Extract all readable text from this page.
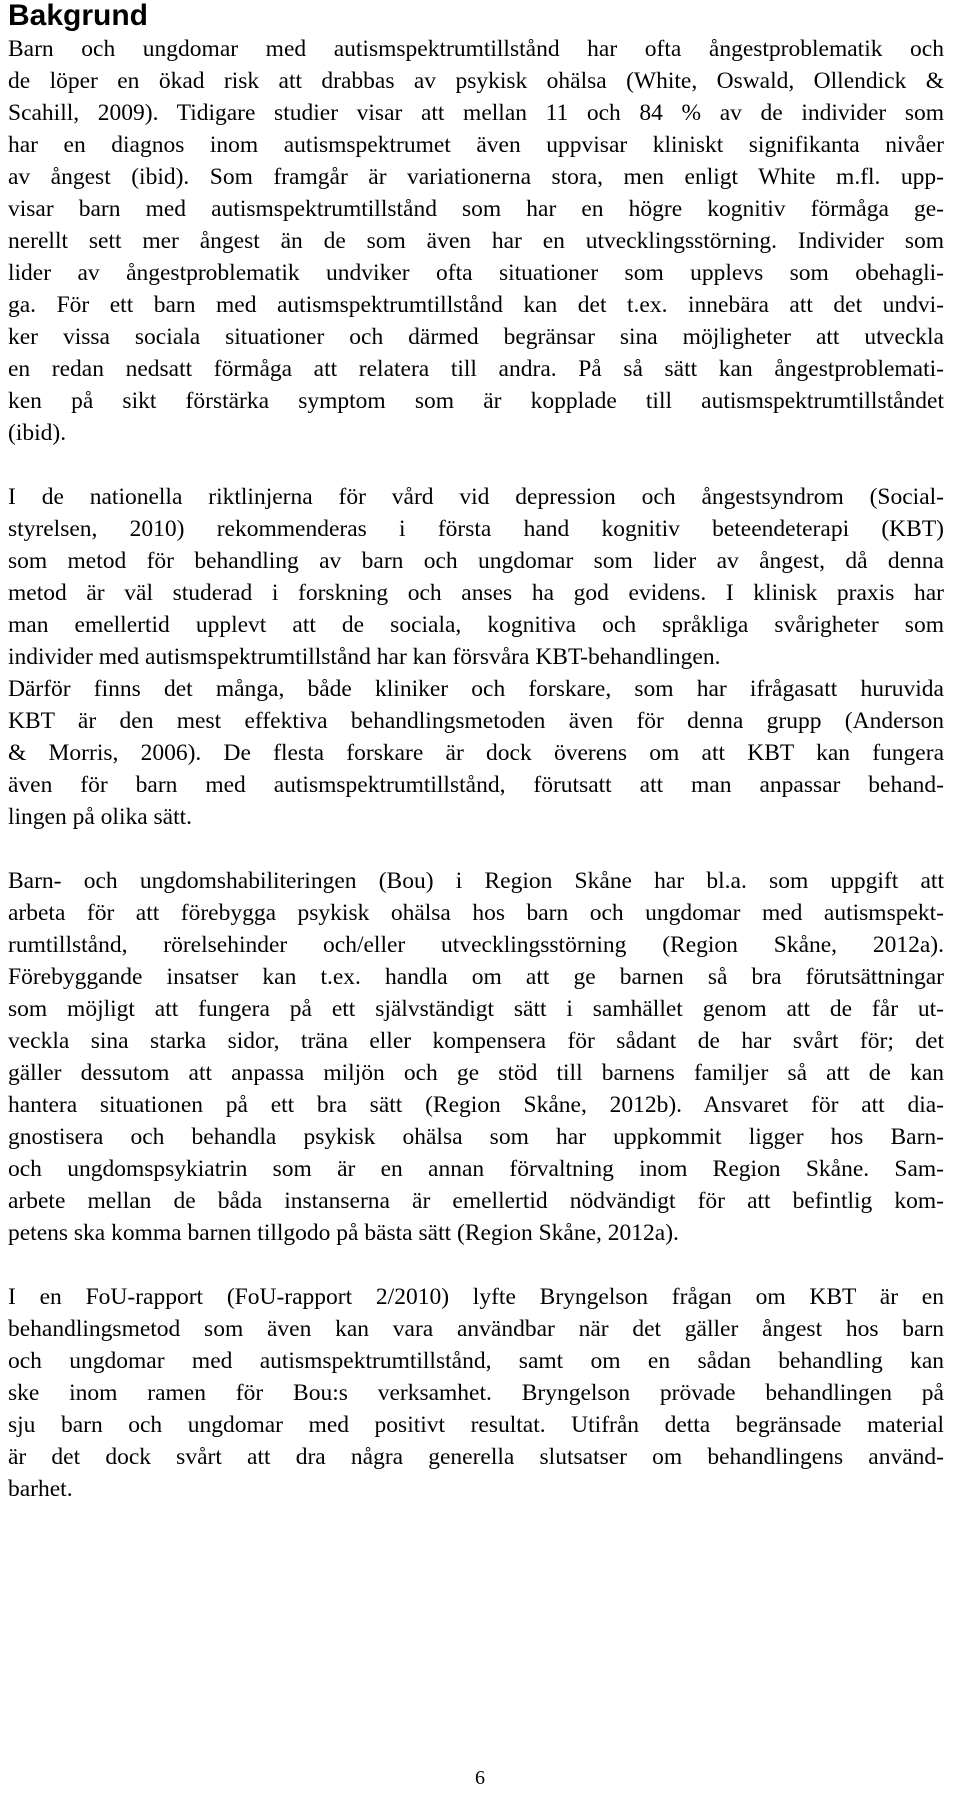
Bakgrund
Barn och ungdomar med autismspektrumtillstånd har ofta ångestproblematik och
de löper en ökad risk att drabbas av psykisk ohälsa (White, Oswald, Ollendick &
Scahill, 2009). Tidigare studier visar att mellan 11 och 84 % av de individer som
har en diagnos inom autismspektrumet även uppvisar kliniskt signifikanta nivåer
av ångest (ibid). Som framgår är variationerna stora, men enligt White m.fl. upp-
visar barn med autismspektrumtillstånd som har en högre kognitiv förmåga ge-
nerellt sett mer ångest än de som även har en utvecklingsstörning. Individer som
lider av ångestproblematik undviker ofta situationer som upplevs som obehagli-
ga. För ett barn med autismspektrumtillstånd kan det t.ex. innebära att det undvi-
ker vissa sociala situationer och därmed begränsar sina möjligheter att utveckla
en redan nedsatt förmåga att relatera till andra. På så sätt kan ångestproblemati-
ken på sikt förstärka symptom som är kopplade till autismspektrumtillståndet
(ibid).
I de nationella riktlinjerna för vård vid depression och ångestsyndrom (Social-
styrelsen, 2010) rekommenderas i första hand kognitiv beteendeterapi (KBT)
som metod för behandling av barn och ungdomar som lider av ångest, då denna
metod är väl studerad i forskning och anses ha god evidens. I klinisk praxis har
man emellertid upplevt att de sociala, kognitiva och språkliga svårigheter som
individer med autismspektrumtillstånd har kan försvåra KBT-behandlingen.
Därför finns det många, både kliniker och forskare, som har ifrågasatt huruvida
KBT är den mest effektiva behandlingsmetoden även för denna grupp (Anderson
& Morris, 2006). De flesta forskare är dock överens om att KBT kan fungera
även för barn med autismspektrumtillstånd, förutsatt att man anpassar behand-
lingen på olika sätt.
Barn- och ungdomshabiliteringen (Bou) i Region Skåne har bl.a. som uppgift att
arbeta för att förebygga psykisk ohälsa hos barn och ungdomar med autismspekt-
rumtillstånd, rörelsehinder och/eller utvecklingsstörning (Region Skåne, 2012a).
Förebyggande insatser kan t.ex. handla om att ge barnen så bra förutsättningar
som möjligt att fungera på ett självständigt sätt i samhället genom att de får ut-
veckla sina starka sidor, träna eller kompensera för sådant de har svårt för; det
gäller dessutom att anpassa miljön och ge stöd till barnens familjer så att de kan
hantera situationen på ett bra sätt (Region Skåne, 2012b). Ansvaret för att dia-
gnostisera och behandla psykisk ohälsa som har uppkommit ligger hos Barn-
och ungdomspsykiatrin som är en annan förvaltning inom Region Skåne. Sam-
arbete mellan de båda instanserna är emellertid nödvändigt för att befintlig kom-
petens ska komma barnen tillgodo på bästa sätt (Region Skåne, 2012a).
I en FoU-rapport (FoU-rapport 2/2010) lyfte Bryngelson frågan om KBT är en
behandlingsmetod som även kan vara användbar när det gäller ångest hos barn
och ungdomar med autismspektrumtillstånd, samt om en sådan behandling kan
ske inom ramen för Bou:s verksamhet. Bryngelson prövade behandlingen på
sju barn och ungdomar med positivt resultat. Utifrån detta begränsade material
är det dock svårt att dra några generella slutsatser om behandlingens använd-
barhet.
6
